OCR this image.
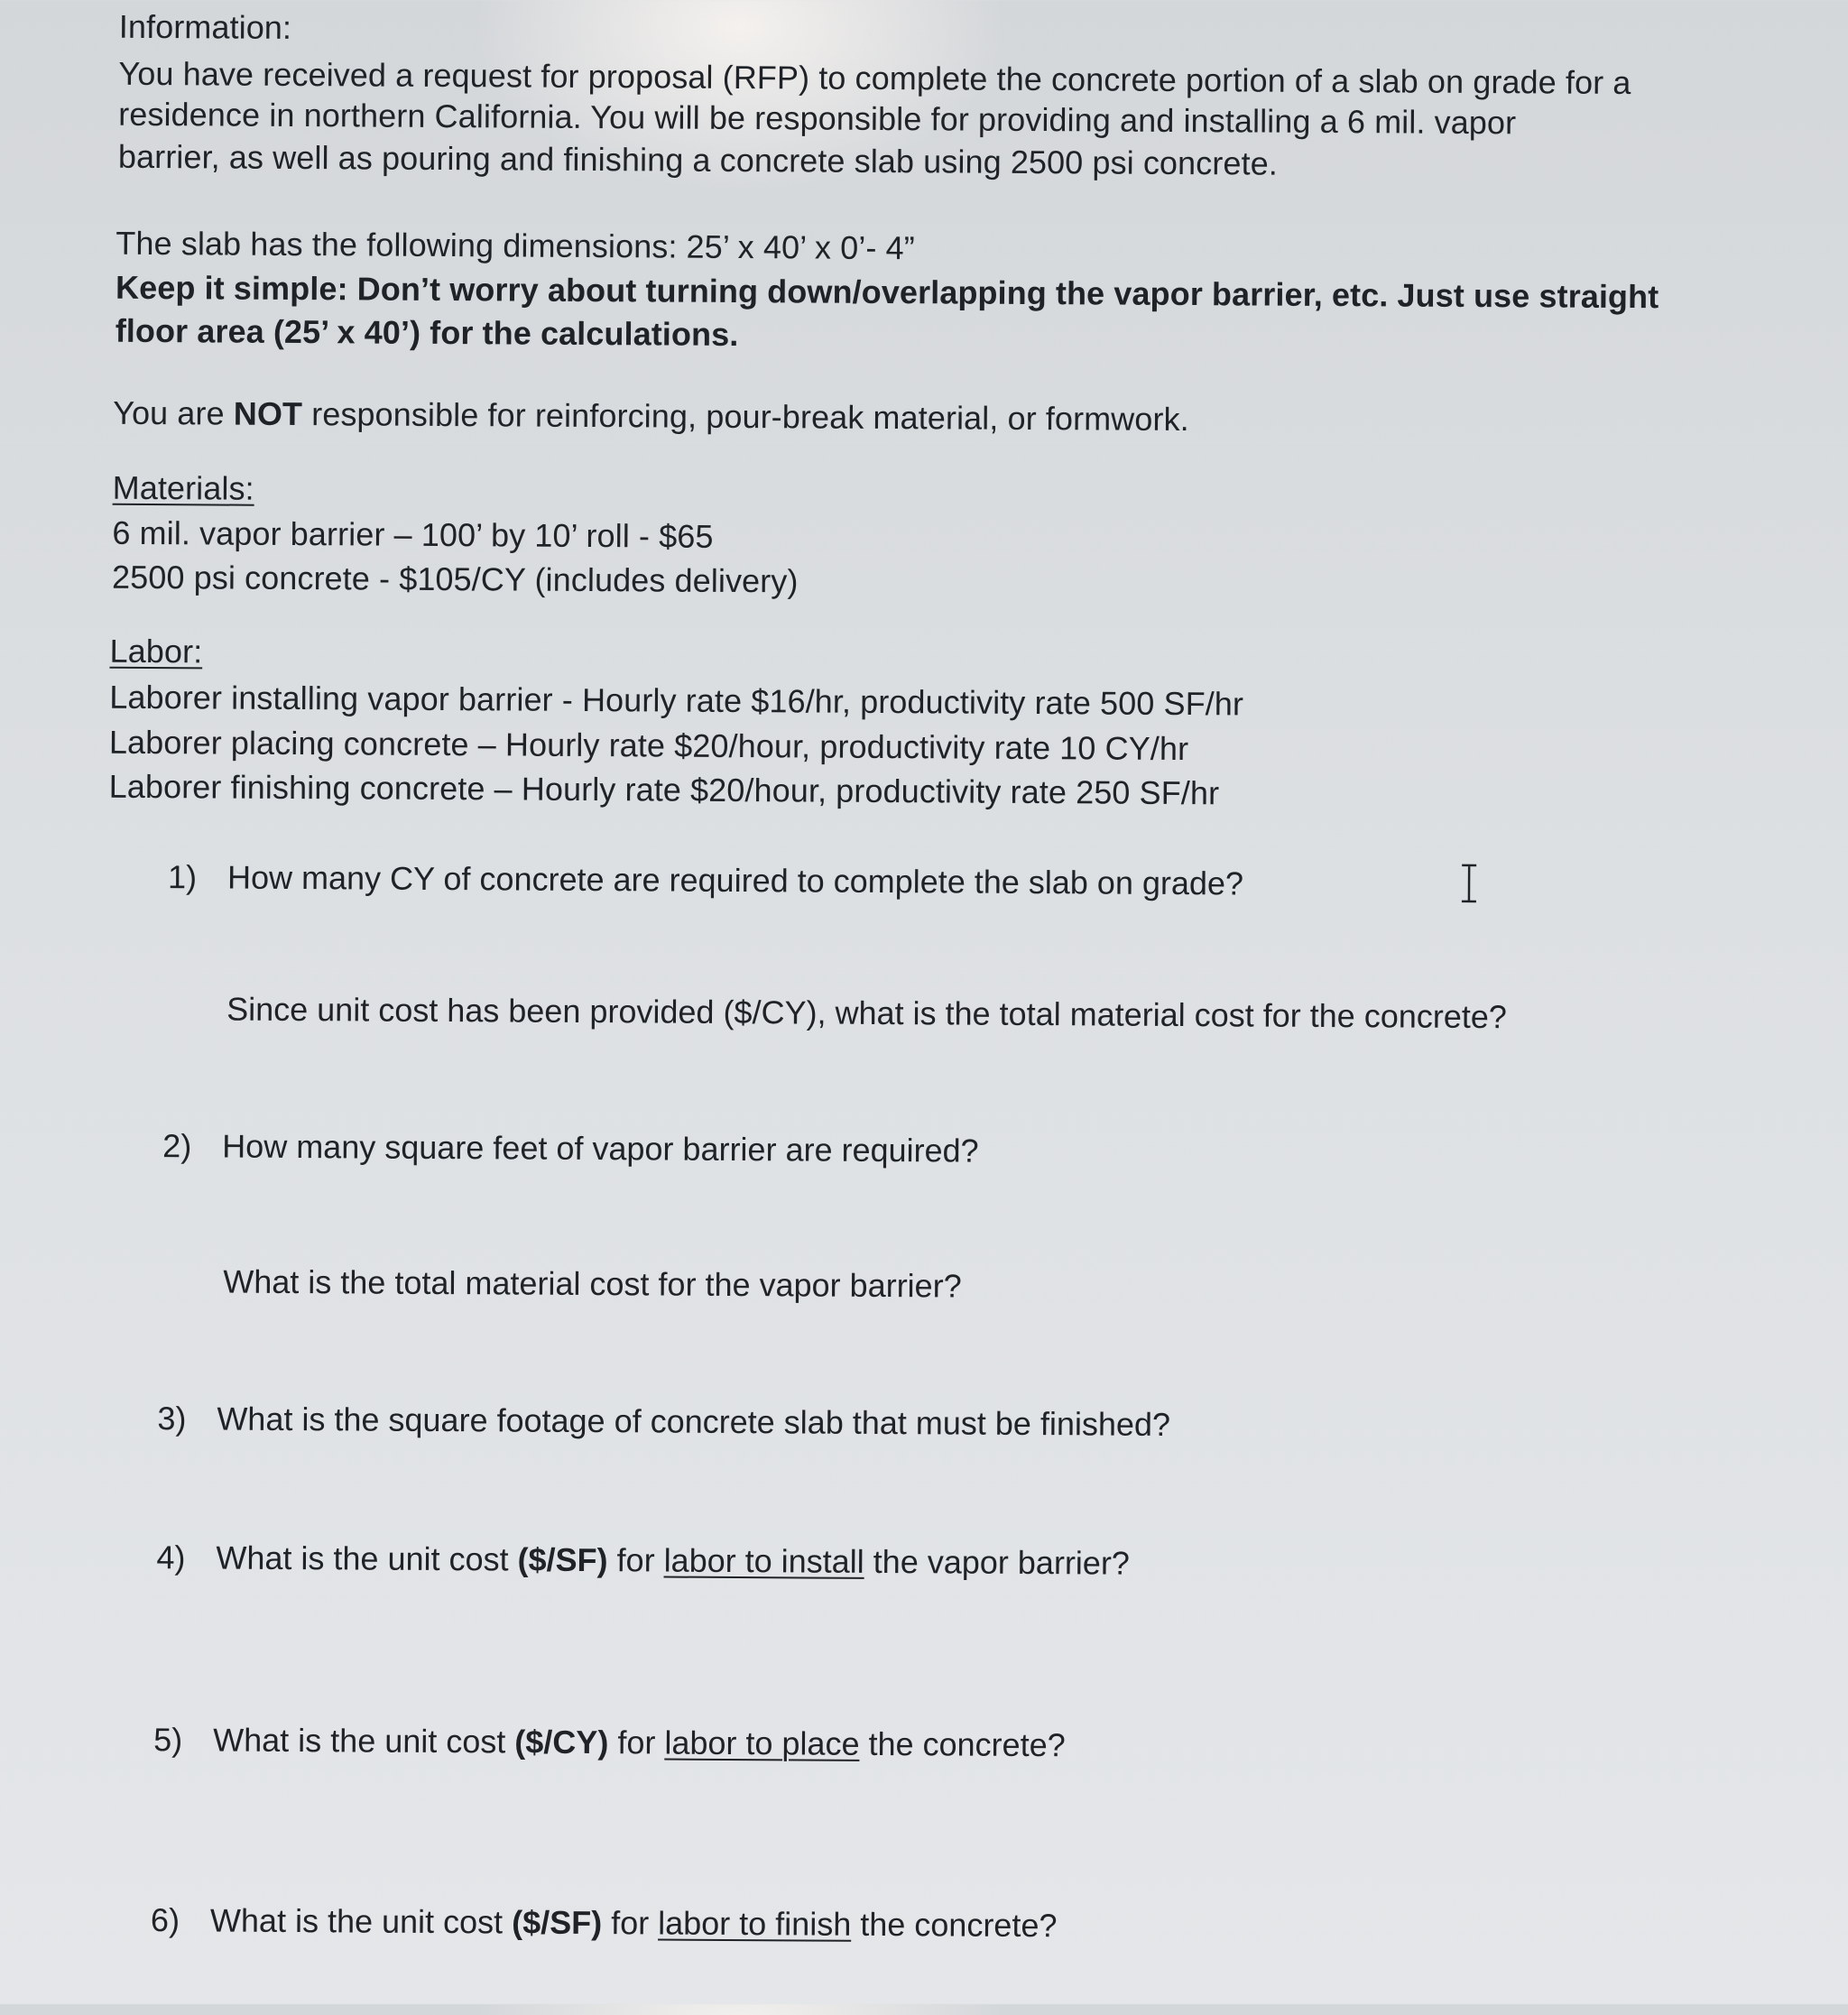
Information:
You have received a request for proposal (RFP) to complete the concrete portion of a slab on grade for a
residence in northern California. You will be responsible for providing and installing a 6 mil. vapor
barrier, as well as pouring and finishing a concrete slab using 2500 psi concrete.
The slab has the following dimensions: 25’ x 40’ x 0’- 4”
Keep it simple: Don’t worry about turning down/overlapping the vapor barrier, etc. Just use straight
floor area (25’ x 40’) for the calculations.
You are NOT responsible for reinforcing, pour-break material, or formwork.
Materials:
6 mil. vapor barrier – 100’ by 10’ roll - $65
2500 psi concrete - $105/CY (includes delivery)
Labor:
Laborer installing vapor barrier - Hourly rate $16/hr, productivity rate 500 SF/hr
Laborer placing concrete – Hourly rate $20/hour, productivity rate 10 CY/hr
Laborer finishing concrete – Hourly rate $20/hour, productivity rate 250 SF/hr
1) How many CY of concrete are required to complete the slab on grade?
Since unit cost has been provided ($/CY), what is the total material cost for the concrete?
2) How many square feet of vapor barrier are required?
What is the total material cost for the vapor barrier?
3) What is the square footage of concrete slab that must be finished?
4) What is the unit cost ($/SF) for labor to install the vapor barrier?
5) What is the unit cost ($/CY) for labor to place the concrete?
6) What is the unit cost ($/SF) for labor to finish the concrete?
